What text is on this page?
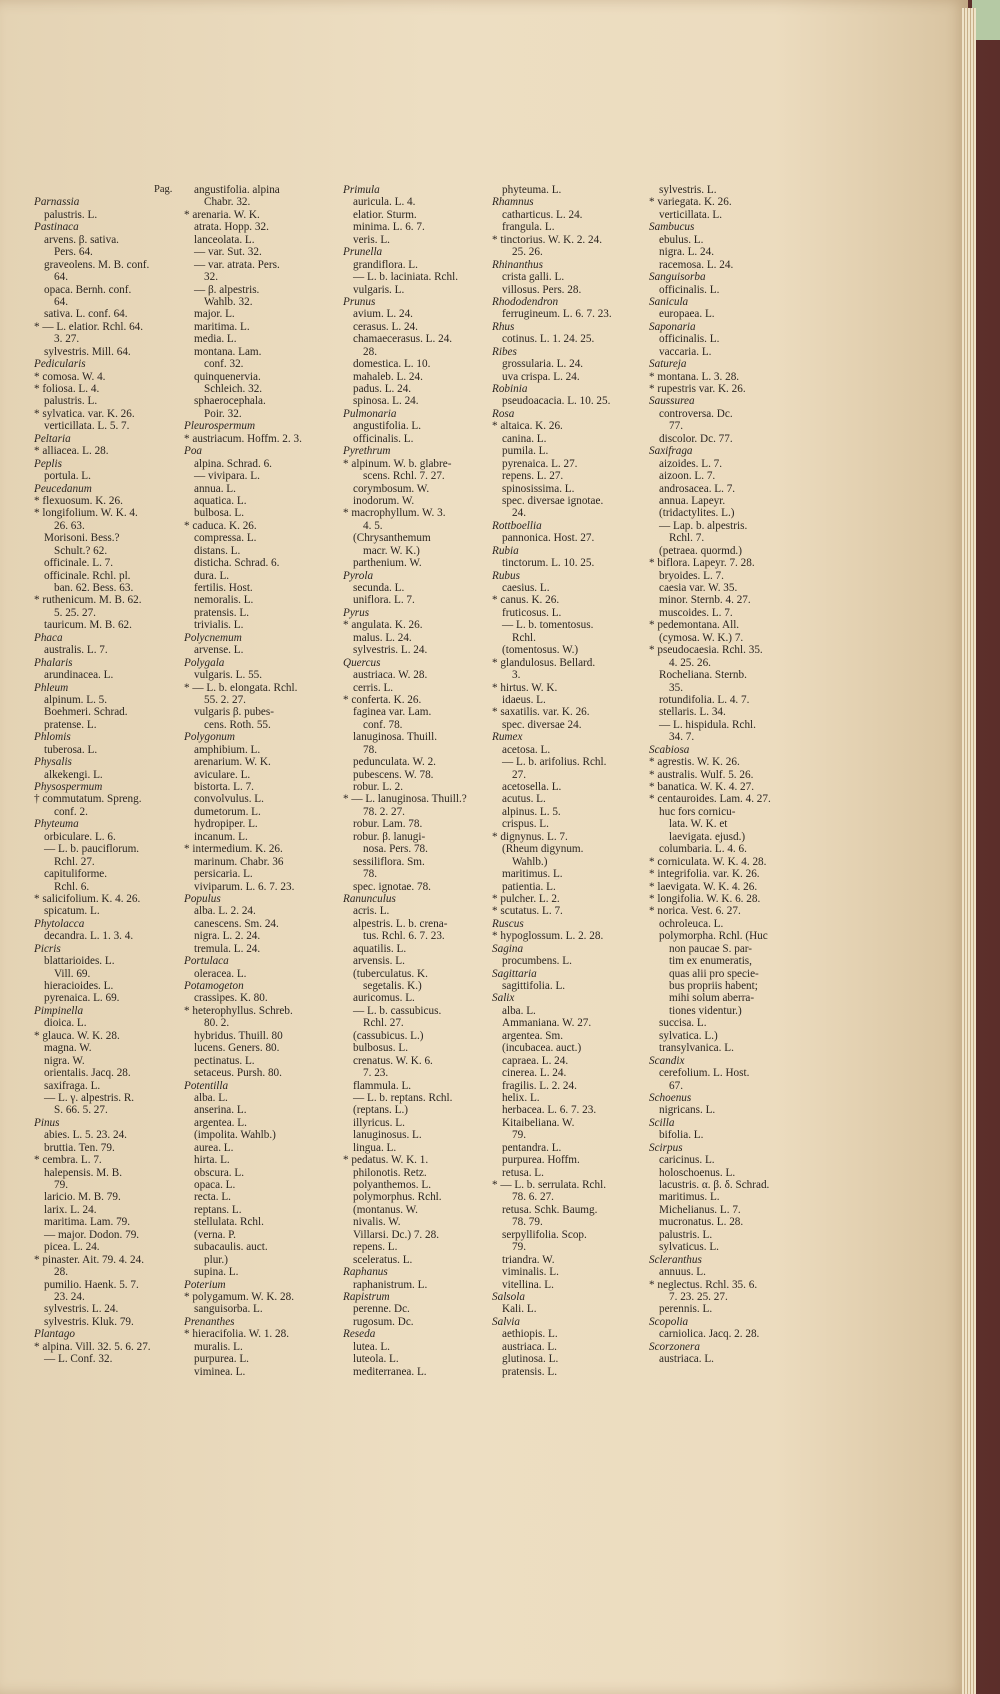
Pag.
Parnassia
palustris. L.
Pastinaca
arvens. β. sativa.
Pers. 64.
graveolens. M. B. conf.
64.
opaca. Bernh. conf.
64.
sativa. L. conf. 64.
* — L. elatior. Rchl. 64.
3. 27.
sylvestris. Mill. 64.
Pedicularis
* comosa. W. 4.
* foliosa. L. 4.
palustris. L.
* sylvatica. var. K. 26.
verticillata. L. 5. 7.
Peltaria
* alliacea. L. 28.
Peplis
portula. L.
Peucedanum
* flexuosum. K. 26.
* longifolium. W. K. 4.
26. 63.
Morisoni. Bess.?
Schult.? 62.
officinale. L. 7.
officinale. Rchl. pl.
ban. 62. Bess. 63.
* ruthenicum. M. B. 62.
5. 25. 27.
tauricum. M. B. 62.
Phaca
australis. L. 7.
Phalaris
arundinacea. L.
Phleum
alpinum. L. 5.
Boehmeri. Schrad.
pratense. L.
Phlomis
tuberosa. L.
Physalis
alkekengi. L.
Physospermum
† commutatum. Spreng.
conf. 2.
Phyteuma
orbiculare. L. 6.
— L. b. pauciflorum.
Rchl. 27.
capituliforme.
Rchl. 6.
* salicifolium. K. 4. 26.
spicatum. L.
Phytolacca
decandra. L. 1. 3. 4.
Picris
blattarioides. L.
Vill. 69.
hieracioides. L.
pyrenaica. L. 69.
Pimpinella
dioica. L.
* glauca. W. K. 28.
magna. W.
nigra. W.
orientalis. Jacq. 28.
saxifraga. L.
— L. γ. alpestris. R.
S. 66. 5. 27.
Pinus
abies. L. 5. 23. 24.
bruttia. Ten. 79.
* cembra. L. 7.
halepensis. M. B.
79.
laricio. M. B. 79.
larix. L. 24.
maritima. Lam. 79.
— major. Dodon. 79.
picea. L. 24.
* pinaster. Ait. 79. 4. 24.
28.
pumilio. Haenk. 5. 7.
23. 24.
sylvestris. L. 24.
sylvestris. Kluk. 79.
Plantago
* alpina. Vill. 32. 5. 6. 27.
— L. Conf. 32.
angustifolia. alpina
Chabr. 32.
* arenaria. W. K.
atrata. Hopp. 32.
lanceolata. L.
— var. Sut. 32.
— var. atrata. Pers.
32.
— β. alpestris.
Wahlb. 32.
major. L.
maritima. L.
media. L.
montana. Lam.
conf. 32.
quinquenervia.
Schleich. 32.
sphaerocephala.
Poir. 32.
Pleurospermum
* austriacum. Hoffm. 2. 3.
Poa
alpina. Schrad. 6.
— vivipara. L.
annua. L.
aquatica. L.
bulbosa. L.
* caduca. K. 26.
compressa. L.
distans. L.
disticha. Schrad. 6.
dura. L.
fertilis. Host.
nemoralis. L.
pratensis. L.
trivialis. L.
Polycnemum
arvense. L.
Polygala
vulgaris. L. 55.
* — L. b. elongata. Rchl.
55. 2. 27.
vulgaris β. pubes-
cens. Roth. 55.
Polygonum
amphibium. L.
arenarium. W. K.
aviculare. L.
bistorta. L. 7.
convolvulus. L.
dumetorum. L.
hydropiper. L.
incanum. L.
* intermedium. K. 26.
marinum. Chabr. 36
persicaria. L.
viviparum. L. 6. 7. 23.
Populus
alba. L. 2. 24.
canescens. Sm. 24.
nigra. L. 2. 24.
tremula. L. 24.
Portulaca
oleracea. L.
Potamogeton
crassipes. K. 80.
* heterophyllus. Schreb.
80. 2.
hybridus. Thuill. 80
lucens. Geners. 80.
pectinatus. L.
setaceus. Pursh. 80.
Potentilla
alba. L.
anserina. L.
argentea. L.
(impolita. Wahlb.)
aurea. L.
hirta. L.
obscura. L.
opaca. L.
recta. L.
reptans. L.
stellulata. Rchl.
(verna. P.
subacaulis. auct.
plur.)
supina. L.
Poterium
* polygamum. W. K. 28.
sanguisorba. L.
Prenanthes
* hieracifolia. W. 1. 28.
muralis. L.
purpurea. L.
viminea. L.
Primula
auricula. L. 4.
elatior. Sturm.
minima. L. 6. 7.
veris. L.
Prunella
grandiflora. L.
— L. b. laciniata. Rchl.
vulgaris. L.
Prunus
avium. L. 24.
cerasus. L. 24.
chamaecerasus. L. 24.
28.
domestica. L. 10.
mahaleb. L. 24.
padus. L. 24.
spinosa. L. 24.
Pulmonaria
angustifolia. L.
officinalis. L.
Pyrethrum
* alpinum. W. b. glabre-
scens. Rchl. 7. 27.
corymbosum. W.
inodorum. W.
* macrophyllum. W. 3.
4. 5.
(Chrysanthemum
macr. W. K.)
parthenium. W.
Pyrola
secunda. L.
uniflora. L. 7.
Pyrus
* angulata. K. 26.
malus. L. 24.
sylvestris. L. 24.
Quercus
austriaca. W. 28.
cerris. L.
* conferta. K. 26.
faginea var. Lam.
conf. 78.
lanuginosa. Thuill.
78.
pedunculata. W. 2.
pubescens. W. 78.
robur. L. 2.
* — L. lanuginosa. Thuill.?
78. 2. 27.
robur. Lam. 78.
robur. β. lanugi-
nosa. Pers. 78.
sessiliflora. Sm.
78.
spec. ignotae. 78.
Ranunculus
acris. L.
alpestris. L. b. crena-
tus. Rchl. 6. 7. 23.
aquatilis. L.
arvensis. L.
(tuberculatus. K.
segetalis. K.)
auricomus. L.
— L. b. cassubicus.
Rchl. 27.
(cassubicus. L.)
bulbosus. L.
crenatus. W. K. 6.
7. 23.
flammula. L.
— L. b. reptans. Rchl.
(reptans. L.)
illyricus. L.
lanuginosus. L.
lingua. L.
* pedatus. W. K. 1.
philonotis. Retz.
polyanthemos. L.
polymorphus. Rchl.
(montanus. W.
nivalis. W.
Villarsi. Dc.) 7. 28.
repens. L.
sceleratus. L.
Raphanus
raphanistrum. L.
Rapistrum
perenne. Dc.
rugosum. Dc.
Reseda
lutea. L.
luteola. L.
mediterranea. L.
phyteuma. L.
Rhamnus
catharticus. L. 24.
frangula. L.
* tinctorius. W. K. 2. 24.
25. 26.
Rhinanthus
crista galli. L.
villosus. Pers. 28.
Rhododendron
ferrugineum. L. 6. 7. 23.
Rhus
cotinus. L. 1. 24. 25.
Ribes
grossularia. L. 24.
uva crispa. L. 24.
Robinia
pseudoacacia. L. 10. 25.
Rosa
* altaica. K. 26.
canina. L.
pumila. L.
pyrenaica. L. 27.
repens. L. 27.
spinosissima. L.
spec. diversae ignotae.
24.
Rottboellia
pannonica. Host. 27.
Rubia
tinctorum. L. 10. 25.
Rubus
caesius. L.
* canus. K. 26.
fruticosus. L.
— L. b. tomentosus.
Rchl.
(tomentosus. W.)
* glandulosus. Bellard.
3.
* hirtus. W. K.
idaeus. L.
* saxatilis. var. K. 26.
spec. diversae 24.
Rumex
acetosa. L.
— L. b. arifolius. Rchl.
27.
acetosella. L.
acutus. L.
alpinus. L. 5.
crispus. L.
* dignynus. L. 7.
(Rheum digynum.
Wahlb.)
maritimus. L.
patientia. L.
* pulcher. L. 2.
* scutatus. L. 7.
Ruscus
* hypoglossum. L. 2. 28.
Sagina
procumbens. L.
Sagittaria
sagittifolia. L.
Salix
alba. L.
Ammaniana. W. 27.
argentea. Sm.
(incubacea. auct.)
capraea. L. 24.
cinerea. L. 24.
fragilis. L. 2. 24.
helix. L.
herbacea. L. 6. 7. 23.
Kitaibeliana. W.
79.
pentandra. L.
purpurea. Hoffm.
retusa. L.
* — L. b. serrulata. Rchl.
78. 6. 27.
retusa. Schk. Baumg.
78. 79.
serpyllifolia. Scop.
79.
triandra. W.
viminalis. L.
vitellina. L.
Salsola
Kali. L.
Salvia
aethiopis. L.
austriaca. L.
glutinosa. L.
pratensis. L.
sylvestris. L.
* variegata. K. 26.
verticillata. L.
Sambucus
ebulus. L.
nigra. L. 24.
racemosa. L. 24.
Sanguisorba
officinalis. L.
Sanicula
europaea. L.
Saponaria
officinalis. L.
vaccaria. L.
Satureja
* montana. L. 3. 28.
* rupestris var. K. 26.
Saussurea
controversa. Dc.
77.
discolor. Dc. 77.
Saxifraga
aizoides. L. 7.
aizoon. L. 7.
androsacea. L. 7.
annua. Lapeyr.
(tridactylites. L.)
— Lap. b. alpestris.
Rchl. 7.
(petraea. quormd.)
* biflora. Lapeyr. 7. 28.
bryoides. L. 7.
caesia var. W. 35.
minor. Sternb. 4. 27.
muscoides. L. 7.
* pedemontana. All.
(cymosa. W. K.) 7.
* pseudocaesia. Rchl. 35.
4. 25. 26.
Rocheliana. Sternb.
35.
rotundifolia. L. 4. 7.
stellaris. L. 34.
— L. hispidula. Rchl.
34. 7.
Scabiosa
* agrestis. W. K. 26.
* australis. Wulf. 5. 26.
* banatica. W. K. 4. 27.
* centauroides. Lam. 4. 27.
huc fors cornicu-
lata. W. K. et
laevigata. ejusd.)
columbaria. L. 4. 6.
* corniculata. W. K. 4. 28.
* integrifolia. var. K. 26.
* laevigata. W. K. 4. 26.
* longifolia. W. K. 6. 28.
* norica. Vest. 6. 27.
ochroleuca. L.
polymorpha. Rchl. (Huc
non paucae S. par-
tim ex enumeratis,
quas alii pro specie-
bus propriis habent;
mihi solum aberra-
tiones videntur.)
succisa. L.
sylvatica. L.)
transylvanica. L.
Scandix
cerefolium. L. Host.
67.
Schoenus
nigricans. L.
Scilla
bifolia. L.
Scirpus
caricinus. L.
holoschoenus. L.
lacustris. α. β. δ. Schrad.
maritimus. L.
Michelianus. L. 7.
mucronatus. L. 28.
palustris. L.
sylvaticus. L.
Scleranthus
annuus. L.
* neglectus. Rchl. 35. 6.
7. 23. 25. 27.
perennis. L.
Scopolia
carniolica. Jacq. 2. 28.
Scorzonera
austriaca. L.
